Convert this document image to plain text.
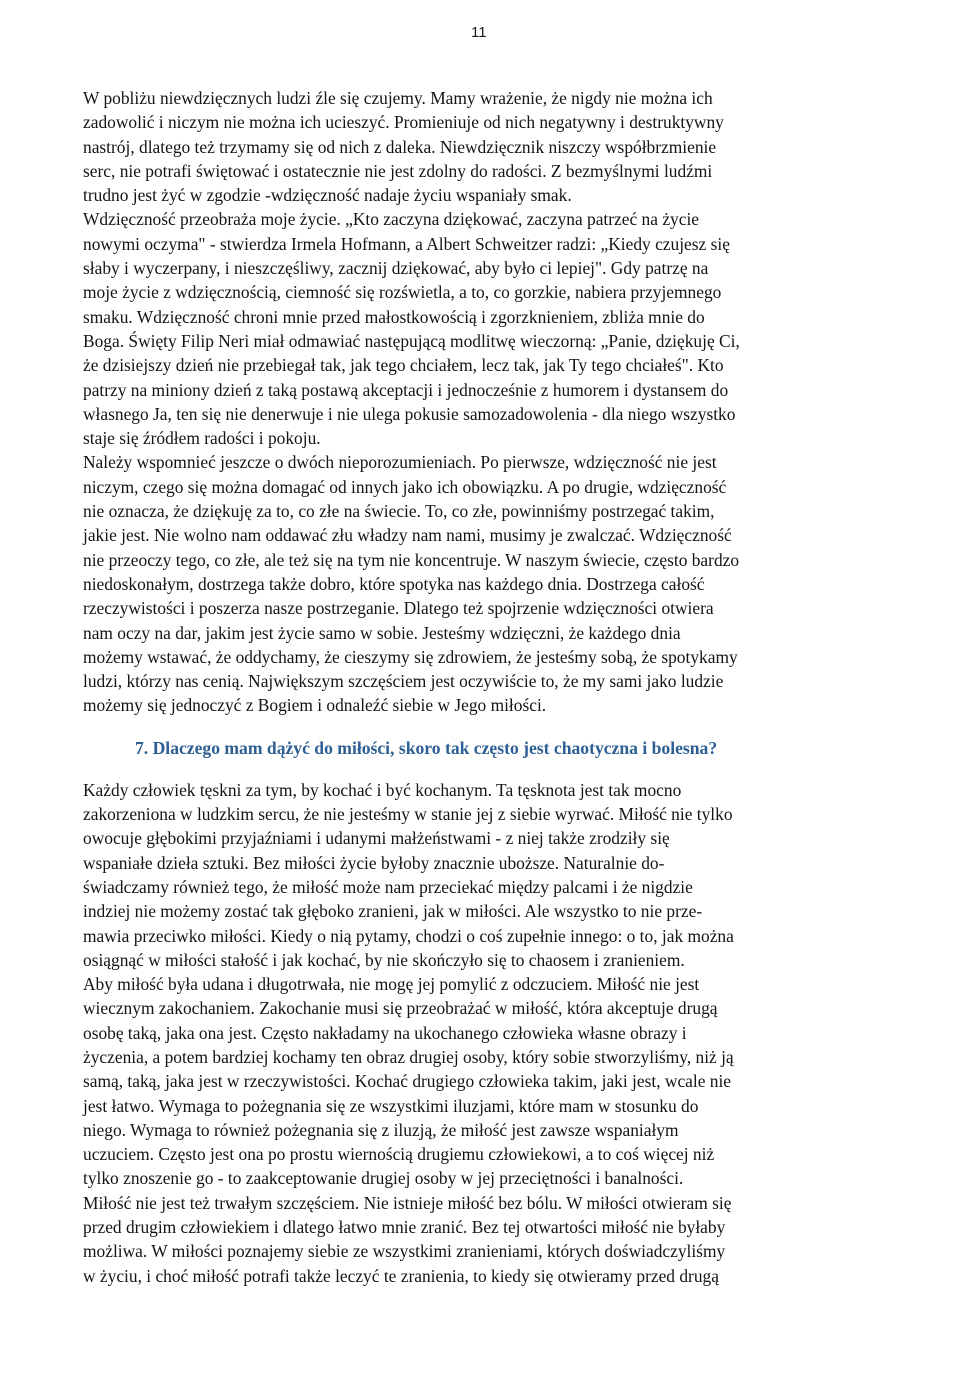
11

W pobliżu niewdzięcznych ludzi źle się czujemy. Mamy wrażenie, że nigdy nie można ich
zadowolić i niczym nie można ich ucieszyć. Promieniuje od nich negatywny i destruktywny
nastrój, dlatego też trzymamy się od nich z daleka. Niewdzięcznik niszczy współbrzmienie
serc, nie potrafi świętować i ostatecznie nie jest zdolny do radości. Z bezmyślnymi ludźmi
trudno jest żyć w zgodzie -wdzięczność nadaje życiu wspaniały smak.
Wdzięczność przeobraża moje życie. „Kto zaczyna dziękować, zaczyna patrzeć na życie
nowymi oczyma" - stwierdza Irmela Hofmann, a Albert Schweitzer radzi: „Kiedy czujesz się
słaby i wyczerpany, i nieszczęśliwy, zacznij dziękować, aby było ci lepiej". Gdy patrzę na
moje życie z wdzięcznością, ciemność się rozświetla, a to, co gorzkie, nabiera przyjemnego
smaku. Wdzięczność chroni mnie przed małostkowością i zgorzknieniem, zbliża mnie do
Boga. Święty Filip Neri miał odmawiać następującą modlitwę wieczorną: „Panie, dziękuję Ci,
że dzisiejszy dzień nie przebiegał tak, jak tego chciałem, lecz tak, jak Ty tego chciałeś". Kto
patrzy na miniony dzień z taką postawą akceptacji i jednocześnie z humorem i dystansem do
własnego Ja, ten się nie denerwuje i nie ulega pokusie samozadowolenia - dla niego wszystko
staje się źródłem radości i pokoju.
Należy wspomnieć jeszcze o dwóch nieporozumieniach. Po pierwsze, wdzięczność nie jest
niczym, czego się można domagać od innych jako ich obowiązku. A po drugie, wdzięczność
nie oznacza, że dziękuję za to, co złe na świecie. To, co złe, powinniśmy postrzegać takim,
jakie jest. Nie wolno nam oddawać złu władzy nam nami, musimy je zwalczać. Wdzięczność
nie przeoczy tego, co złe, ale też się na tym nie koncentruje. W naszym świecie, często bardzo
niedoskonałym, dostrzega także dobro, które spotyka nas każdego dnia. Dostrzega całość
rzeczywistości i poszerza nasze postrzeganie. Dlatego też spojrzenie wdzięczności otwiera
nam oczy na dar, jakim jest życie samo w sobie. Jesteśmy wdzięczni, że każdego dnia
możemy wstawać, że oddychamy, że cieszymy się zdrowiem, że jesteśmy sobą, że spotykamy
ludzi, którzy nas cenią. Największym szczęściem jest oczywiście to, że my sami jako ludzie
możemy się jednoczyć z Bogiem i odnaleźć siebie w Jego miłości.

7. Dlaczego mam dążyć do miłości, skoro tak często jest chaotyczna i bolesna?

Każdy człowiek tęskni za tym, by kochać i być kochanym. Ta tęsknota jest tak mocno
zakorzeniona w ludzkim sercu, że nie jesteśmy w stanie jej z siebie wyrwać. Miłość nie tylko
owocuje głębokimi przyjaźniami i udanymi małżeństwami - z niej także zrodziły się
wspaniałe dzieła sztuki. Bez miłości życie byłoby znacznie uboższe. Naturalnie do-
świadczamy również tego, że miłość może nam przeciekać między palcami i że nigdzie
indziej nie możemy zostać tak głęboko zranieni, jak w miłości. Ale wszystko to nie prze-
mawia przeciwko miłości. Kiedy o nią pytamy, chodzi o coś zupełnie innego: o to, jak można
osiągnąć w miłości stałość i jak kochać, by nie skończyło się to chaosem i zranieniem.
Aby miłość była udana i długotrwała, nie mogę jej pomylić z odczuciem. Miłość nie jest
wiecznym zakochaniem. Zakochanie musi się przeobrażać w miłość, która akceptuje drugą
osobę taką, jaka ona jest. Często nakładamy na ukochanego człowieka własne obrazy i
życzenia, a potem bardziej kochamy ten obraz drugiej osoby, który sobie stworzyliśmy, niż ją
samą, taką, jaka jest w rzeczywistości. Kochać drugiego człowieka takim, jaki jest, wcale nie
jest łatwo. Wymaga to pożegnania się ze wszystkimi iluzjami, które mam w stosunku do
niego. Wymaga to również pożegnania się z iluzją, że miłość jest zawsze wspaniałym
uczuciem. Często jest ona po prostu wiernością drugiemu człowiekowi, a to coś więcej niż
tylko znoszenie go - to zaakceptowanie drugiej osoby w jej przeciętności i banalności.
Miłość nie jest też trwałym szczęściem. Nie istnieje miłość bez bólu. W miłości otwieram się
przed drugim człowiekiem i dlatego łatwo mnie zranić. Bez tej otwartości miłość nie byłaby
możliwa. W miłości poznajemy siebie ze wszystkimi zranieniami, których doświadczyliśmy
w życiu, i choć miłość potrafi także leczyć te zranienia, to kiedy się otwieramy przed drugą
